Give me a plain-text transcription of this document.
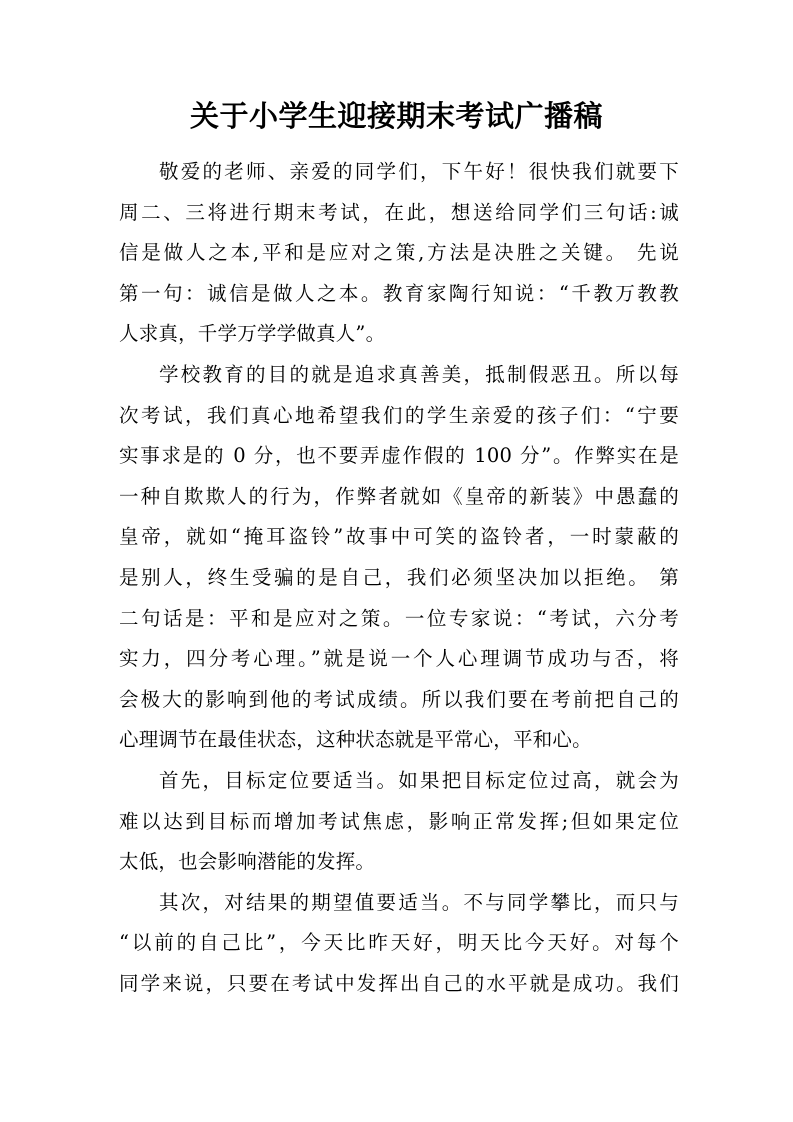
关于小学生迎接期末考试广播稿
敬爱的老师、亲爱的同学们，下午好！很快我们就要下
周二、三将进行期末考试，在此，想送给同学们三句话:诚
信是做人之本,平和是应对之策,方法是决胜之关键。 先说
第一句：诚信是做人之本。教育家陶行知说：“千教万教教
人求真，千学万学学做真人”。
学校教育的目的就是追求真善美，抵制假恶丑。所以每
次考试，我们真心地希望我们的学生亲爱的孩子们：“宁要
实事求是的 0 分，也不要弄虚作假的 100 分”。作弊实在是
一种自欺欺人的行为，作弊者就如《皇帝的新装》中愚蠢的
皇帝，就如“掩耳盗铃”故事中可笑的盗铃者，一时蒙蔽的
是别人，终生受骗的是自己，我们必须坚决加以拒绝。 第
二句话是：平和是应对之策。一位专家说：“考试，六分考
实力，四分考心理。”就是说一个人心理调节成功与否，将
会极大的影响到他的考试成绩。所以我们要在考前把自己的
心理调节在最佳状态，这种状态就是平常心，平和心。
首先，目标定位要适当。如果把目标定位过高，就会为
难以达到目标而增加考试焦虑，影响正常发挥;但如果定位
太低，也会影响潜能的发挥。
其次，对结果的期望值要适当。不与同学攀比，而只与
“以前的自己比”，今天比昨天好，明天比今天好。对每个
同学来说，只要在考试中发挥出自己的水平就是成功。我们
